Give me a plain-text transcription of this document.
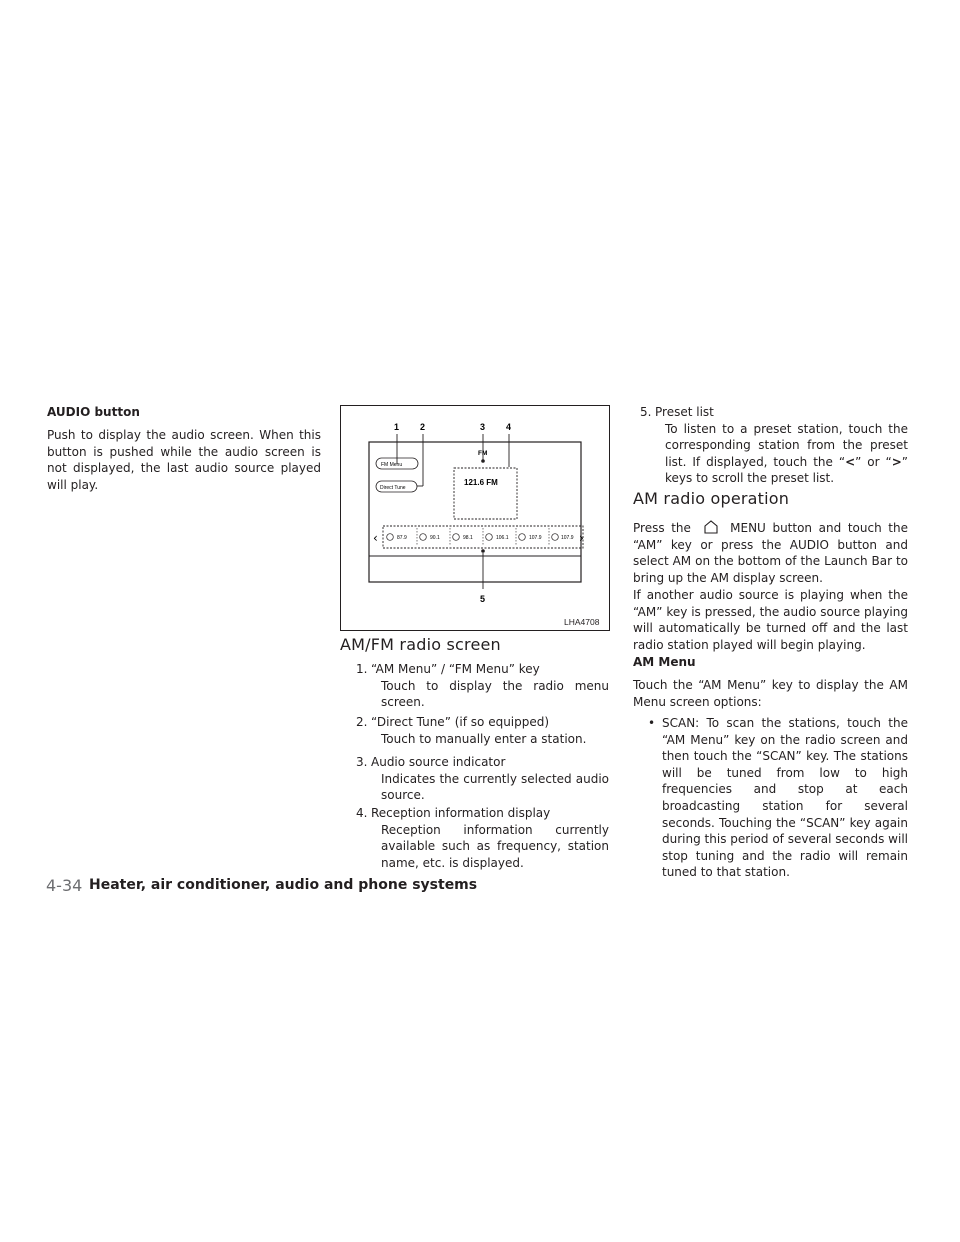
AUDIO button

Push to display the audio screen. When this button is pushed while the audio screen is not displayed, the last audio source played will play.

1 2	3 4
5
FM
FM Menu
Direct Tune
121.6 FM
‹	›
87.9	90.1	98.1	106.1	107.9	107.9
LHA4708
AM/FM radio screen
1. “AM Menu” / “FM Menu” key
Touch to display the radio menu screen.
2. “Direct Tune” (if so equipped)
Touch to manually enter a station.
3. Audio source indicator
Indicates the currently selected audio source.
4. Reception information display
Reception information currently available such as frequency, station name, etc. is displayed.
5. Preset list
To listen to a preset station, touch the corresponding station from the preset list. If displayed, touch the “<” or “>” keys to scroll the preset list.
AM radio operation

Press the	MENU button and touch the “AM” key or press the AUDIO button and select AM on the bottom of the Launch Bar to bring up the AM display screen.

If another audio source is playing when the “AM” key is pressed, the audio source playing will automatically be turned off and the last radio station played will begin playing.

AM Menu

Touch the “AM Menu” key to display the AM Menu screen options:

• SCAN: To scan the stations, touch the “AM Menu” key on the radio screen and then touch the “SCAN” key. The stations will be tuned from low to high frequencies and stop at each broadcasting station for several seconds. Touching the “SCAN” key again during this period of several seconds will stop tuning and the radio will remain tuned to that station.
4-34 Heater, air conditioner, audio and phone systems
